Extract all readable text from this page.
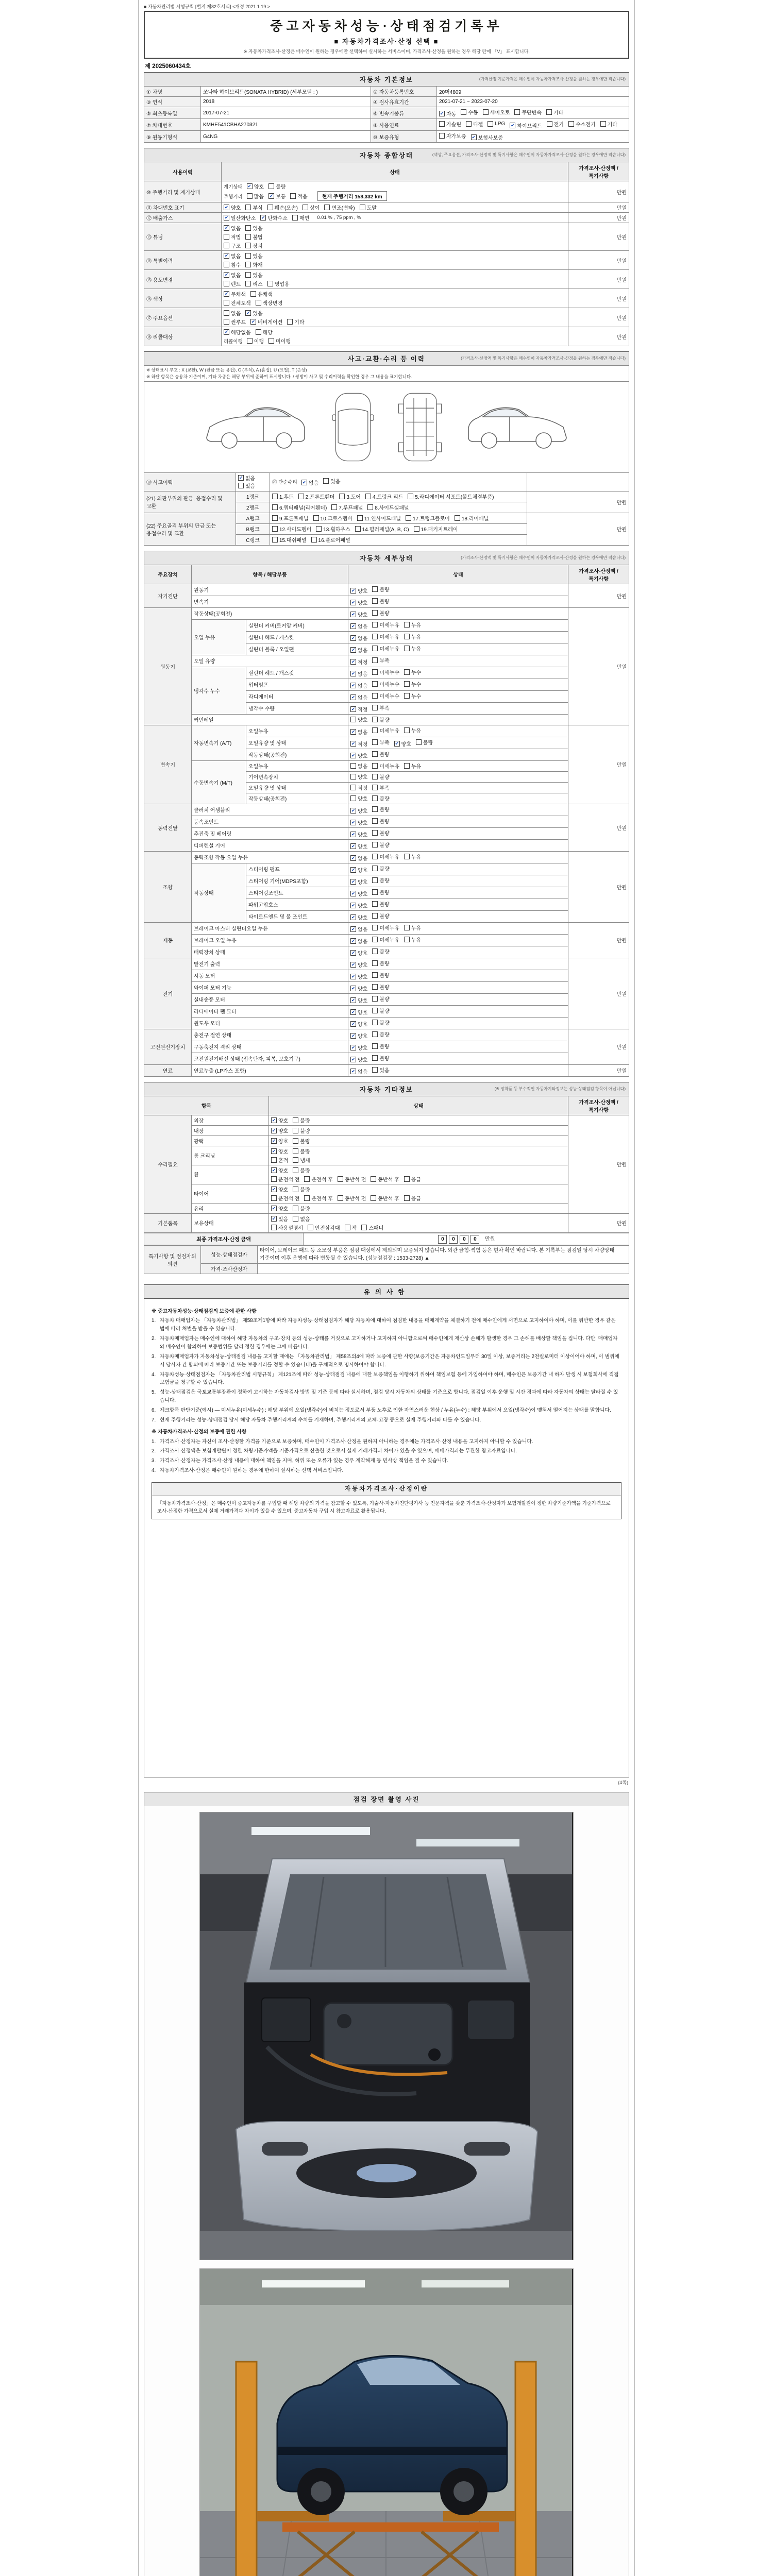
■ 자동차관리법 시행규칙 [별지 제82호서식] <개정 2021.1.19.>
중고자동차성능·상태점검기록부
■ 자동차가격조사·산정 선택 ■
※ 자동차가격조사·산정은 매수인이 원하는 경우에만 선택하여 실시하는 서비스이며, 가격조사·산정을 원하는 경우 해당 란에 「V」 표시합니다.
제 2025060434호
자동차 기본정보	(가격산정 기준가격은 매수인이 자동차가격조사·산정을 원하는 경우에만 적습니다)
① 차명	쏘나타 하이브리드(SONATA HYBRID) (세부모델 : )	② 자동차등록번호	20머4809
③ 연식	2018	④ 검사유효기간	2021-07-21 ~ 2023-07-20
⑤ 최초등록일	2017-07-21	⑥ 변속기종류	✔ 자동 수동 세미오토 무단변속 기타

⑦ 차대번호	KMHE541CBHA270321	⑧ 사용연료	가솔린 디젤 LPG ✔ 하이브리드 전기 수소전기 기타

⑨ 원동기형식	G4NG	⑩ 보증유형	자가보증 ✔ 보험사보증
자동차 종합상태	(색상, 주요옵션, 가격조사·산정액 및 특기사항은 매수인이 자동차가격조사·산정을 원하는 경우에만 적습니다)
사용이력	상태	가격조사·산정액 / 특기사항
⑩ 주행거리 및 계기상태	
계기상태 ✔ 양호 불량
주행거리 많음 ✔ 보통 적음	현재 주행거리 158,332 km
	만원
⑪ 차대번호 표기	✔ 양호 부식 훼손(오손) 상이 변조(변타) 도말	만원
⑫ 배출가스	✔ 일산화탄소 ✔ 탄화수소 매연 0.01 % , 75 ppm , %	만원
⑬ 튜닝	
✔ 없음 있음
적법 불법
구조 장치
	만원
⑭ 특별이력	✔ 없음 있음
침수 화재	만원
⑮ 용도변경	
✔ 없음 있음
렌트 리스 영업용
	만원
⑯ 색상	✔ 무채색 유채색
전체도색 색상변경	만원
⑰ 주요옵션	
없음 ✔ 있음
썬루프 ✔ 네비게이션 기타
	만원
⑱ 리콜대상	
✔ 해당없음 해당
리콜이행 이행 미이행
	만원
사고·교환·수리 등 이력	(가격조사·산정액 및 특기사항은 매수인이 자동차가격조사·산정을 원하는 경우에만 적습니다)
※ 상태표시 부호 : X (교환), W (판금 또는 용접), C (부식), A (흠집), U (요철), T (손상)
※ 하단 항목은 승용차 기준이며, 기타 차종은 해당 부위에 준하여 표시합니다. / 쌍방이 사고 및 수리이력을 확인한 경우 그 내용을 표기합니다.			

⑲ 사고이력	✔ 없음
있음	⑳ 단순수리 ✔ 없음 있음	

(21) 외판부위의 판금, 용접수리 및 교환	1랭크	1.후드 2.프론트휀더 3.도어 4.트렁크 리드 5.라디에이터 서포트(볼트체결부품)	만원
	2랭크	6.쿼터패널(리어휀더) 7.루프패널 8.사이드실패널	

(22) 주요골격 부위의 판금 또는 용접수리 및 교환	A랭크	9.프론트패널 10.크로스멤버 11.인사이드패널 17.트렁크플로어 18.리어패널	만원
	B랭크	12.사이드멤버 13.휠하우스 14.필러패널(A, B, C) 19.패키지트레이	

	C랭크	15.대쉬패널 16.플로어패널	
자동차 세부상태	(가격조사·산정액 및 특기사항은 매수인이 자동차가격조사·산정을 원하는 경우에만 적습니다)
주요장치	항목 / 해당부품		상태	가격조사·산정액 / 특기사항
자기진단	원동기		✔ 양호 불량	만원
	변속기		✔ 양호 불량	

원동기	작동상태(공회전)		✔ 양호 불량	만원
	오일 누유	실린더 커버(로커암 커버)	✔ 없음 미세누유 누유	

		실린더 헤드 / 개스킷	✔ 없음 미세누유 누유	

		실린더 블록 / 오일팬	✔ 없음 미세누유 누유	

	오일 유량		✔ 적정 부족	

	냉각수 누수	실린더 헤드 / 개스킷	✔ 없음 미세누수 누수	

		워터펌프	✔ 없음 미세누수 누수	

		라디에이터	✔ 없음 미세누수 누수	

		냉각수 수량	✔ 적정 부족	

	커먼레일		양호 불량	

변속기	자동변속기 (A/T)	오일누유	✔ 없음 미세누유 누유	만원
오일유량 및 상태	✔ 적정 부족 ✔ 양호 불량

		작동상태(공회전)	✔ 양호 불량	

	수동변속기 (M/T)	오일누유	없음 미세누유 누유	

		기어변속장치	양호 불량	

		오일유량 및 상태	적정 부족	

		작동상태(공회전)	양호 불량	

동력전달	클러치 어셈블리		✔ 양호 불량	만원
	등속조인트		✔ 양호 불량	

	추진축 및 베어링		✔ 양호 불량	

	디퍼렌셜 기어		✔ 양호 불량	

조향	동력조향 작동 오일 누유		✔ 없음 미세누유 누유	만원
	작동상태	스티어링 펌프	✔ 양호 불량	

		스티어링 기어(MDPS포함)	✔ 양호 불량	

		스티어링조인트	✔ 양호 불량	

		파워고압호스	✔ 양호 불량	

		타이로드엔드 및 볼 조인트	✔ 양호 불량	

제동	브레이크 마스터 실린더오일 누유		✔ 없음 미세누유 누유	만원
	브레이크 오일 누유		✔ 없음 미세누유 누유	

	배력장치 상태		✔ 양호 불량	

전기	발전기 출력		✔ 양호 불량	만원
	시동 모터		✔ 양호 불량	

	와이퍼 모터 기능		✔ 양호 불량	

	실내송풍 모터		✔ 양호 불량	

	라디에이터 팬 모터		✔ 양호 불량	

	윈도우 모터		✔ 양호 불량	

고전원전기장치	충전구 절연 상태		✔ 양호 불량	만원
	구동축전지 격리 상태		✔ 양호 불량	

	고전원전기배선 상태 (접속단자, 피복, 보호기구)		✔ 양호 불량	

연료	연료누출 (LP가스 포함)		✔ 없음 있음	만원
자동차 기타정보	(※ 장착품 등 부수적인 자동차기타정보는 성능·상태점검 항목이 아닙니다)
항목		상태	가격조사·산정액 / 특기사항
수리필요	외장	✔ 양호 불량	만원
	내장	✔ 양호 불량	

	광택	✔ 양호 불량	

	룸 크리닝	✔ 양호 불량
흔적 냄새	

휠	
✔ 양호 불량
운전석 전 운전석 후 동반석 전 동반석 후 응급

타이어	
✔ 양호 불량
운전석 전 운전석 후 동반석 전 동반석 후 응급

	유리	✔ 양호 불량	

기본품목	보유상태	
✔ 있음 없음
사용설명서 안전삼각대 잭 스패너
	만원
최종 가격조사·산정 금액	0 0 0 0 만원
특기사항 및 점검자의 의견	성능·상태점검자	타이어, 브레이크 패드 등 소모성 부품은 점검 대상에서 제외되며 보증되지 않습니다. 외관 긁힘·찍힘 등은 현차 확인 바랍니다. 본 기록부는 점검일 당시 차량상태 기준이며 이후 운행에 따라 변동될 수 있습니다. (성능점검장 : 1533-2728) ▲
	가격·조사산정자	
유의사항
※ 중고자동차성능·상태점검의 보증에 관한 사항
1. 자동차 매매업자는 「자동차관리법」 제58조제1항에 따라 자동차성능·상태점검자가 해당 자동차에 대하여 점검한 내용을 매매계약을 체결하기 전에 매수인에게 서면으로 고지하여야 하며, 이를 위반한 경우 같은 법에 따라 처벌을 받을 수 있습니다.
2. 자동차매매업자는 매수인에 대하여 해당 자동차의 구조·장치 등의 성능·상태를 거짓으로 고지하거나 고지하지 아니함으로써 매수인에게 재산상 손해가 발생한 경우 그 손해를 배상할 책임을 집니다. 다만, 매매업자와 매수인이 합의하여 보증범위를 달리 정한 경우에는 그에 따릅니다.
3. 자동차매매업자가 자동차성능·상태점검 내용을 고지할 때에는 「자동차관리법」 제58조의4에 따라 보증에 관한 사항(보증기간은 자동차인도일부터 30일 이상, 보증거리는 2천킬로미터 이상이어야 하며, 이 범위에서 당사자 간 합의에 따라 보증기간 또는 보증거리를 정할 수 있습니다)을 구체적으로 명시하여야 합니다.
4. 자동차성능·상태점검자는 「자동차관리법 시행규칙」 제121조에 따라 성능·상태점검 내용에 대한 보증책임을 이행하기 위하여 책임보험 등에 가입하여야 하며, 매수인은 보증기간 내 하자 발생 시 보험회사에 직접 보험금을 청구할 수 있습니다.
5. 성능·상태점검은 국토교통부장관이 정하여 고시하는 자동차검사 방법 및 기준 등에 따라 실시하며, 점검 당시 자동차의 상태를 기준으로 합니다. 점검일 이후 운행 및 시간 경과에 따라 자동차의 상태는 달라질 수 있습니다.
6. 체크항목 판단기준(예시) — 미세누유(미세누수) : 해당 부위에 오일(냉각수)이 비치는 정도로서 부품 노후로 인한 자연스러운 현상 / 누유(누수) : 해당 부위에서 오일(냉각수)이 맺혀서 떨어지는 상태를 말합니다.
7. 현재 주행거리는 성능·상태점검 당시 해당 자동차 주행거리계의 수치를 기재하며, 주행거리계의 교체·고장 등으로 실제 주행거리와 다를 수 있습니다.
※ 자동차가격조사·산정의 보증에 관한 사항
1. 가격조사·산정자는 자신이 조사·산정한 가격을 기준으로 보증하며, 매수인이 가격조사·산정을 원하지 아니하는 경우에는 가격조사·산정 내용을 고지하지 아니할 수 있습니다.
2. 가격조사·산정액은 보험개발원이 정한 차량기준가액을 기준가격으로 산출한 것으로서 실제 거래가격과 차이가 있을 수 있으며, 매매가격과는 무관한 참고자료입니다.
3. 가격조사·산정자는 가격조사·산정 내용에 대하여 책임을 지며, 허위 또는 오류가 있는 경우 계약해제 등 민사상 책임을 질 수 있습니다.
4. 자동차가격조사·산정은 매수인이 원하는 경우에 한하여 실시하는 선택 서비스입니다.
자동차가격조사·산정이란
「자동차가격조사·산정」은 매수인이 중고자동차를 구입할 때 해당 차량의 가격을 참고할 수 있도록, 기술사·자동차진단평가사 등 전문자격을 갖춘 가격조사·산정자가 보험개발원이 정한 차량기준가액을 기준가격으로 조사·산정한 가격으로서 실제 거래가격과 차이가 있을 수 있으며, 중고자동차 구입 시 참고자료로 활용됩니다.
(4쪽)
점검 장면 촬영 사진
